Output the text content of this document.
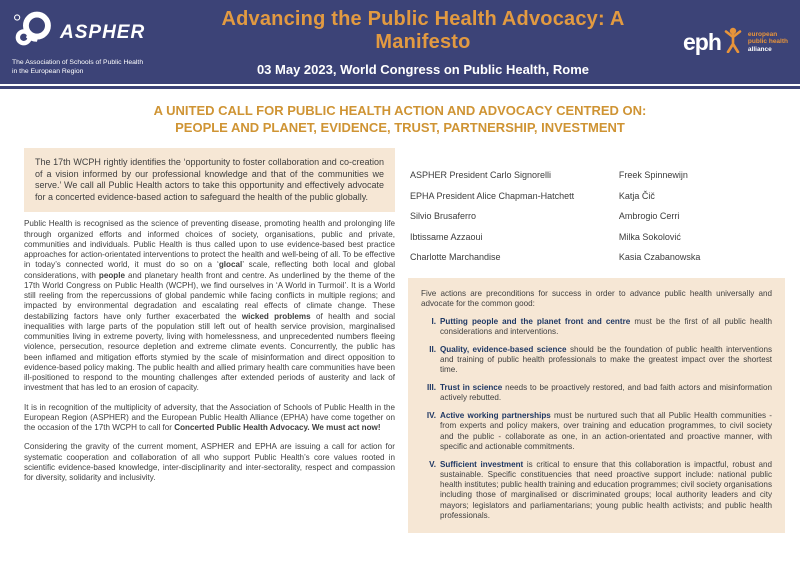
ASPHER
The Association of Schools of Public Health
in the European Region
Advancing the Public Health Advocacy: A Manifesto
03 May 2023, World Congress on Public Health, Rome
eph	european
public health
alliance
A UNITED CALL FOR PUBLIC HEALTH ACTION AND ADVOCACY CENTRED ON:
PEOPLE AND PLANET, EVIDENCE, TRUST, PARTNERSHIP, INVESTMENT
The 17th WCPH rightly identifies the ‘opportunity to foster collaboration and co-creation of a vision informed by our professional knowledge and that of the communities we serve.’ We call all Public Health actors to take this opportunity and effectively advocate for a concerted evidence-based action to safeguard the health of the public globally.
Public Health is recognised as the science of preventing disease, promoting health and prolonging life through organized efforts and informed choices of society, organisations, public and private, communities and individuals. Public Health is thus called upon to use evidence-based best practice approaches for action-orientated interventions to protect the health and well-being of all. To be effective in today’s connected world, it must do so on a ‘glocal’ scale, reflecting both local and global considerations, with people and planetary health front and centre. As underlined by the theme of the 17th World Congress on Public Health (WCPH), we find ourselves in ‘A World in Turmoil’. It is a World still reeling from the repercussions of global pandemic while facing conflicts in multiple regions; and impacted by environmental degradation and escalating real effects of climate change. These destabilizing factors have only further exacerbated the wicked problems of health and social inequalities with large parts of the population still left out of health service provision, marginalised communities living in extreme poverty, living with homelessness, and unprecedented numbers fleeing violence, persecution, resource depletion and extreme climate events. Concurrently, the public has been inflamed and mitigation efforts stymied by the scale of misinformation and direct opposition to evidence-based policy making. The public health and allied primary health care communities have been ill-positioned to respond to the mounting challenges after extended periods of austerity and lack of investment that has led to an erosion of capacity.
It is in recognition of the multiplicity of adversity, that the Association of Schools of Public Health in the European Region (ASPHER) and the European Public Health Alliance (EPHA) have come together on the occasion of the 17th WCPH to call for Concerted Public Health Advocacy. We must act now!
Considering the gravity of the current moment, ASPHER and EPHA are issuing a call for action for systematic cooperation and collaboration of all who support Public Health’s core values rooted in scientific evidence-based knowledge, inter-disciplinarity and inter-sectorality, respect and compassion for diversity, solidarity and inclusivity.
ASPHER President Carlo Signorelli	Freek Spinnewijn
EPHA President Alice Chapman-Hatchett	Katja Čič
Silvio Brusaferro	Ambrogio Cerri
Ibtissame Azzaoui	Milka Sokolović
Charlotte Marchandise	Kasia Czabanowska
Five actions are preconditions for success in order to advance public health universally and advocate for the common good:
I. Putting people and the planet front and centre must be the first of all public health considerations and interventions.
II. Quality, evidence-based science should be the foundation of public health interventions and training of public health professionals to make the greatest impact over the shortest time.
III. Trust in science needs to be proactively restored, and bad faith actors and misinformation actively rebutted.
IV. Active working partnerships must be nurtured such that all Public Health communities - from experts and policy makers, over training and education programmes, to civil society and the public - collaborate as one, in an action-orientated and proactive manner, with specific and actionable commitments.
V. Sufficient investment is critical to ensure that this collaboration is impactful, robust and sustainable. Specific constituencies that need proactive support include: national public health institutes; public health training and education programmes; civil society organisations including those of marginalised or discriminated groups; local authority leaders and city mayors; legislators and parliamentarians; young public health activists; and public health professionals.
